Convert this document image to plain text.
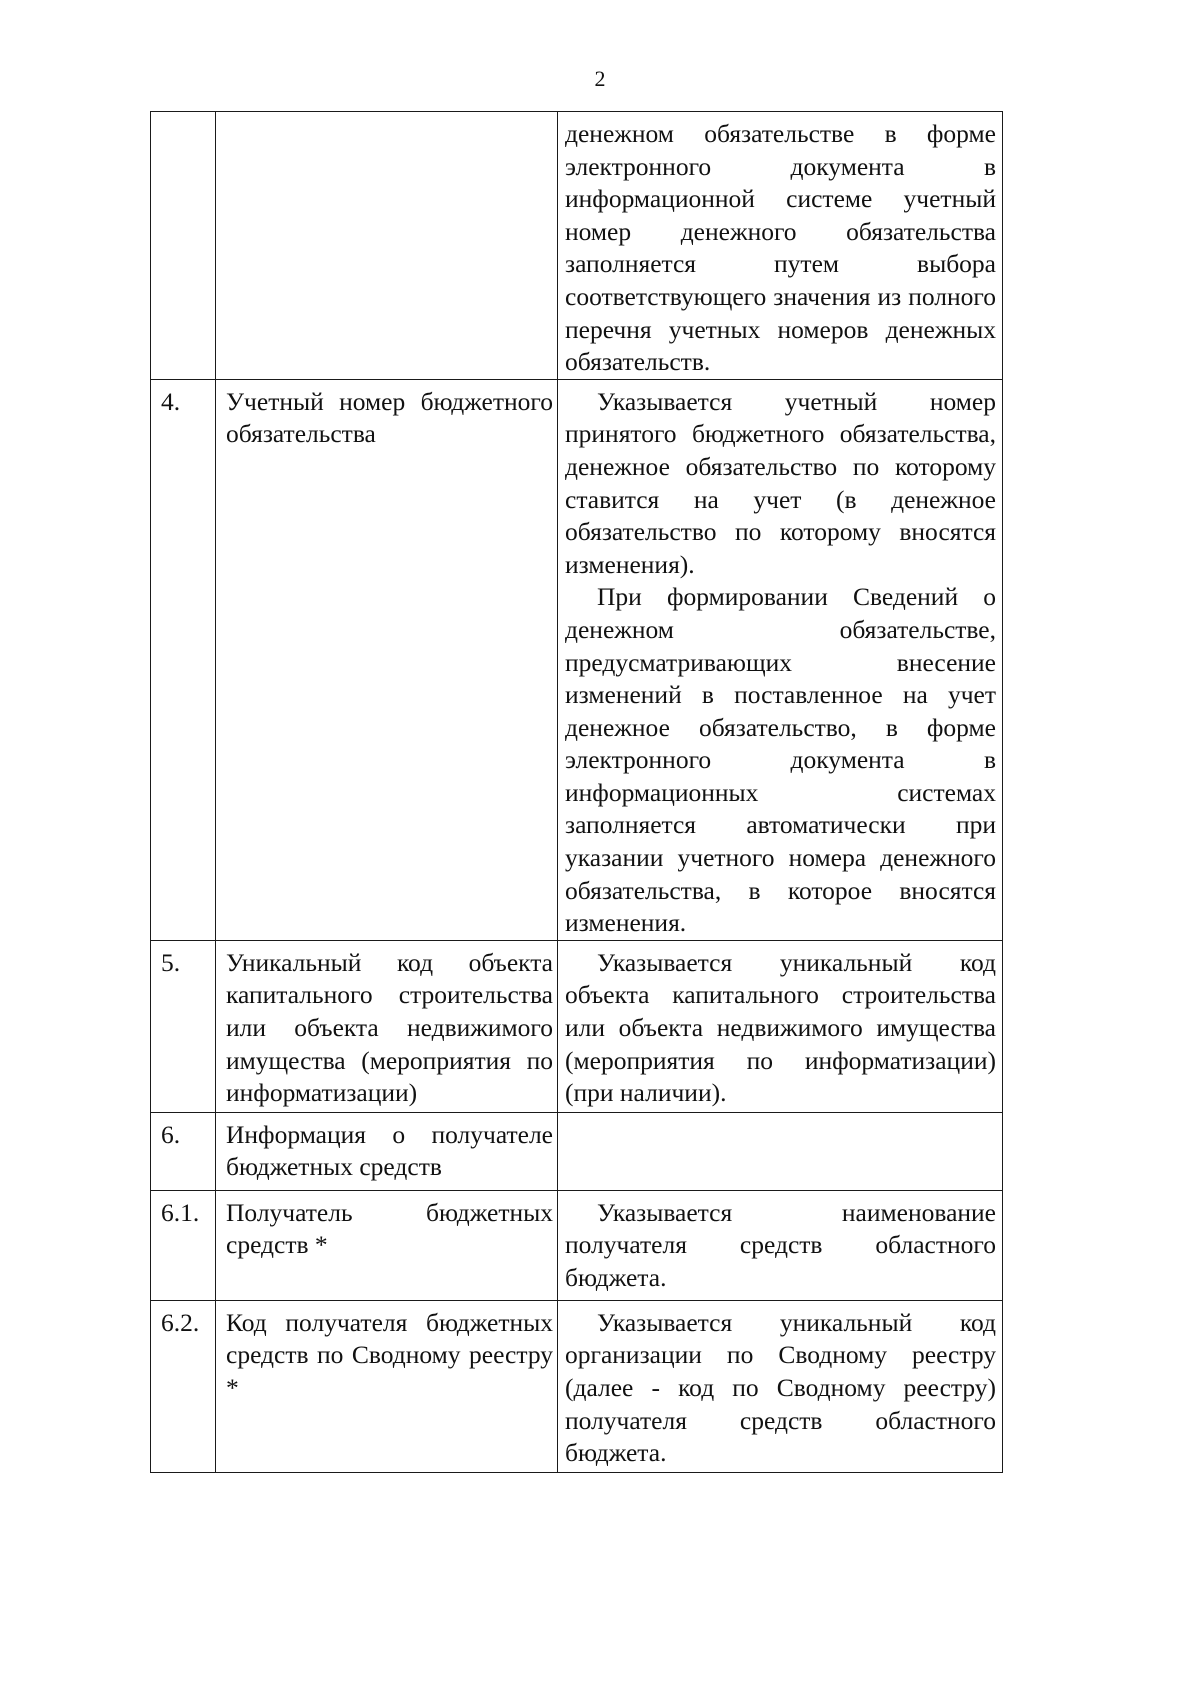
2

		денежном обязательстве в форме электронного документа в информационной системе учетный номер денежного обязательства заполняется путем выбора соответствующего значения из полного перечня учетных номеров денежных обязательств.

4.	Учетный номер бюджетного обязательства	Указывается учетный номер принятого бюджетного обязательства, денежное обязательство по которому ставится на учет (в денежное обязательство по которому вносятся изменения).

При формировании Сведений о денежном обязательстве, предусматривающих внесение изменений в поставленное на учет денежное обязательство, в форме электронного документа в информационных системах заполняется автоматически при указании учетного номера денежного обязательства, в которое вносятся изменения.

5.	Уникальный код объекта капитального строительства или объекта недвижимого имущества (мероприятия по информатизации)	Указывается уникальный код объекта капитального строительства или объекта недвижимого имущества (мероприятия по информатизации) (при наличии).

6.	Информация о получателе бюджетных средств	

6.1.	Получатель бюджетных средств *	Указывается наименование получателя средств областного бюджета.

6.2.	Код получателя бюджетных средств по Сводному реестру *	Указывается уникальный код организации по Сводному реестру (далее - код по Сводному реестру) получателя средств областного бюджета.
